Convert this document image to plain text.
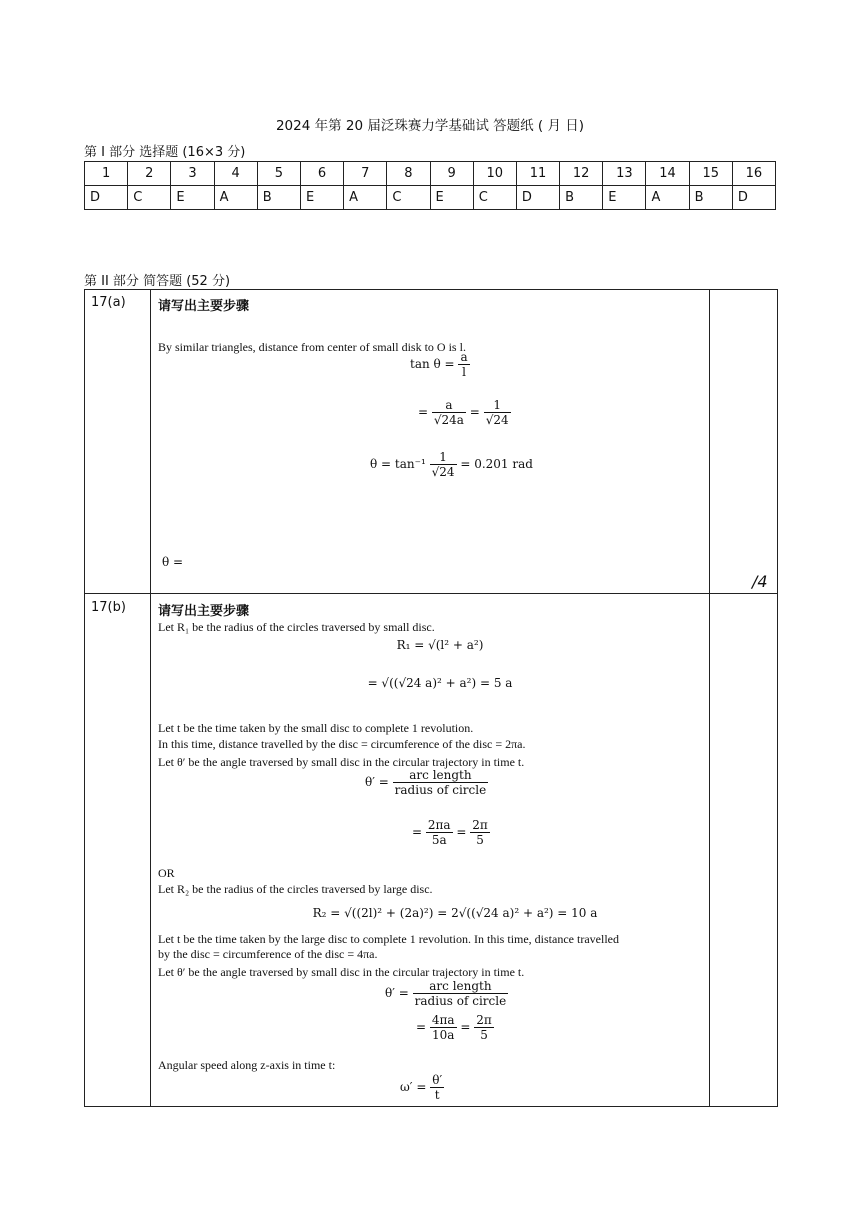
2024 年第 20 届泛珠赛力学基础试 答题纸 ( 月 日)
第 I 部分 选择题 (16×3 分)
1	2	3	4	5	6	7	8	9	10	11	12	13	14	15	16
D	C	E	A	B	E	A	C	E	C	D	B	E	A	B	D
第 II 部分 简答题 (52 分)
17(a) 请写出主要步骤
By similar triangles, distance from center of small disk to O is l.
$\tan \theta = \frac{a}{l}$
= $\frac{a}{√24a} = \frac{1}{√24}$
$\theta = \tan^{-1} \frac{1}{√24} = 0.201$ rad
θ =
/4
17(b) 请写出主要步骤
Let R₁ be the radius of the circles traversed by small disc.
R₁ = √(l² + a²)
= √((√24 a)² + a²) = 5 a
Let t be the time taken by the small disc to complete 1 revolution.
In this time, distance travelled by the disc = circumference of the disc = 2πa.
Let θ′ be the angle traversed by small disc in the circular trajectory in time t.
$\theta' = \frac{\text{arc length}}{\text{radius of circle}}$
= $\frac{2\pi a}{5a} = \frac{2\pi}{5}$
OR
Let R₂ be the radius of the circles traversed by large disc.
R₂ = √((2l)² + (2a)²) = 2√((√24 a)² + a²) = 10 a
Let t be the time taken by the large disc to complete 1 revolution. In this time, distance travelled
by the disc = circumference of the disc = 4πa.
Let θ′ be the angle traversed by small disc in the circular trajectory in time t.
$\theta' = \frac{\text{arc length}}{\text{radius of circle}}$
= $\frac{4\pi a}{10a} = \frac{2\pi}{5}$
Angular speed along z-axis in time t:
$\omega' = \frac{\theta'}{t}$
